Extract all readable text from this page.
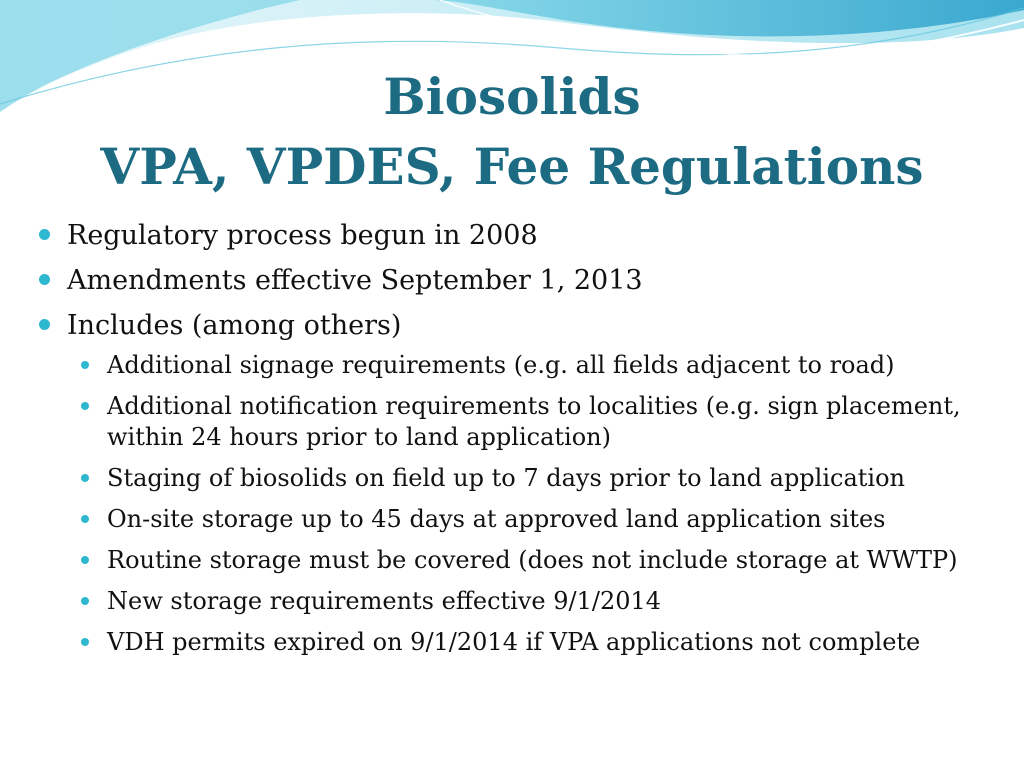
Biosolids
VPA, VPDES, Fee Regulations
Regulatory process begun in 2008
Amendments effective September 1, 2013
Includes (among others)
Additional signage requirements (e.g. all fields adjacent to road)
Additional notification requirements to localities (e.g. sign placement, within 24 hours prior to land application)
Staging of biosolids on field up to 7 days prior to land application
On-site storage up to 45 days at approved land application sites
Routine storage must be covered (does not include storage at WWTP)
New storage requirements effective 9/1/2014
VDH permits expired on 9/1/2014 if VPA applications not complete
